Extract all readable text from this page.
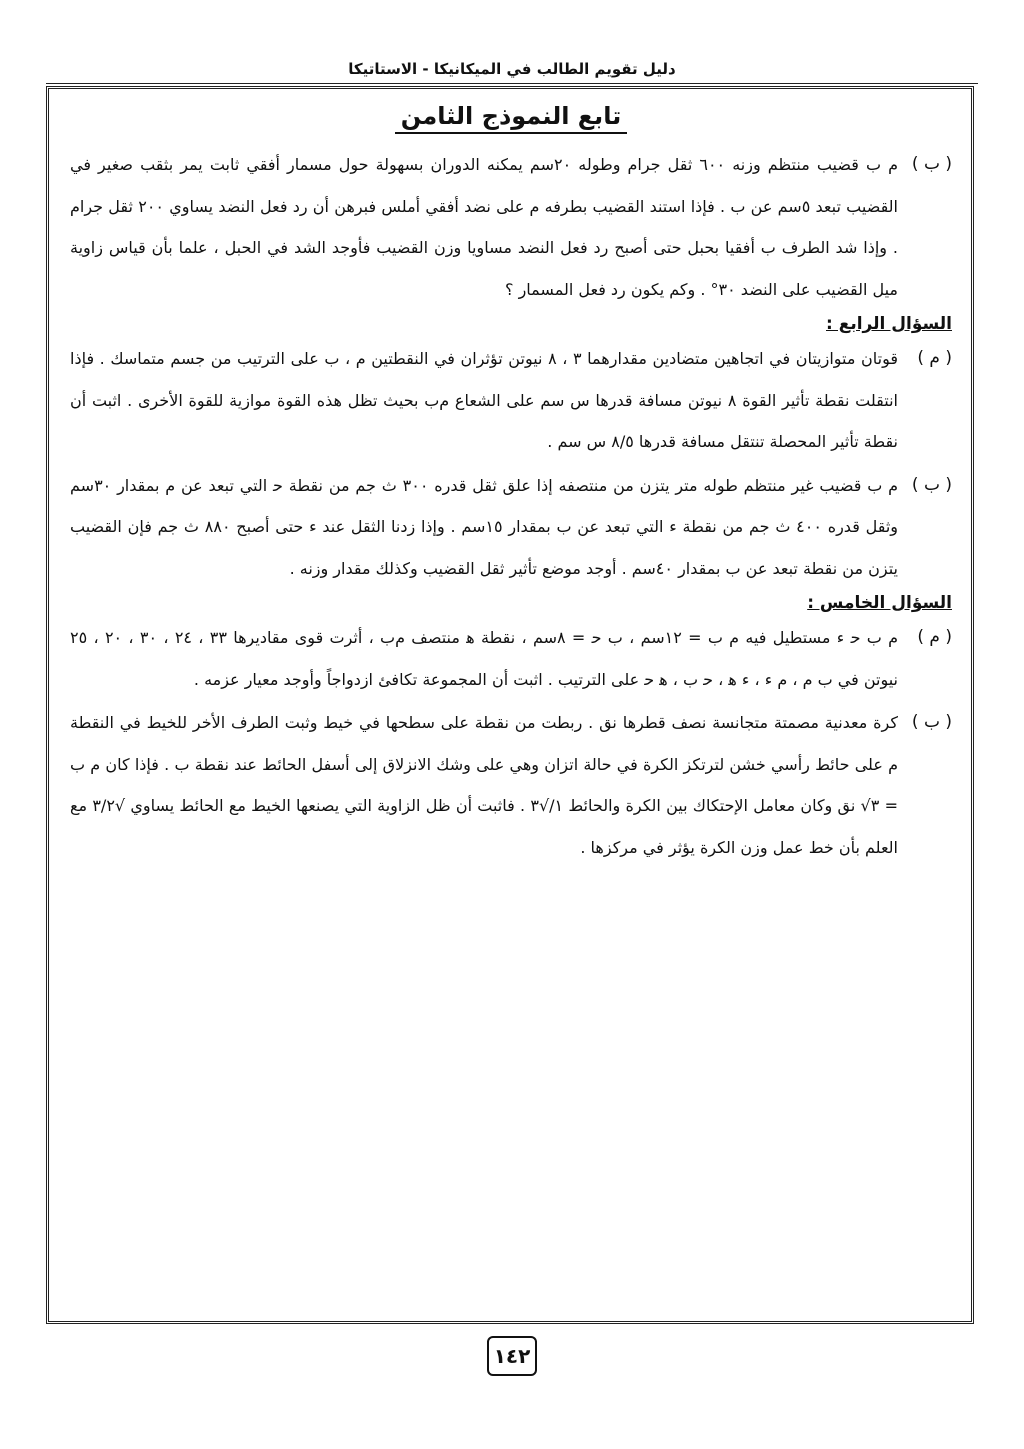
دليل تقويم الطالب في الميكانيكا - الاستاتيكا
تابع النموذج الثامن
( ب )
ﻡ ب قضيب منتظم وزنه ٦٠٠ ثقل جرام وطوله ٢٠سم يمكنه الدوران بسهولة حول مسمار أفقي ثابت يمر بثقب صغير في القضيب تبعد ٥سم عن ب . فإذا استند القضيب بطرفه ﻡ على نضد أفقي أملس فبرهن أن رد فعل النضد يساوي ٢٠٠ ثقل جرام . وإذا شد الطرف ب أفقيا بحبل حتى أصبح رد فعل النضد مساويا وزن القضيب فأوجد الشد في الحبل ، علما بأن قياس زاوية ميل القضيب على النضد ٣٠° . وكم يكون رد فعل المسمار ؟
السؤال الرابع :
( ﻡ )
قوتان متوازيتان في اتجاهين متضادين مقدارهما ٣ ، ٨ نيوتن تؤثران في النقطتين ﻡ ، ب على الترتيب من جسم متماسك . فإذا انتقلت نقطة تأثير القوة ٨ نيوتن مسافة قدرها س سم على الشعاع ﻡب بحيث تظل هذه القوة موازية للقوة الأخرى . اثبت أن نقطة تأثير المحصلة تنتقل مسافة قدرها ٨/٥ س سم .
( ب )
ﻡ ب قضيب غير منتظم طوله متر يتزن من منتصفه إذا علق ثقل قدره ٣٠٠ ث جم من نقطة ﺣ التي تبعد عن ﻡ بمقدار ٣٠سم وثقل قدره ٤٠٠ ث جم من نقطة ء التي تبعد عن ب بمقدار ١٥سم . وإذا زدنا الثقل عند ء حتى أصبح ٨٨٠ ث جم فإن القضيب يتزن من نقطة تبعد عن ب بمقدار ٤٠سم . أوجد موضع تأثير ثقل القضيب وكذلك مقدار وزنه .
السؤال الخامس :
( ﻡ )
ﻡ ب ﺣ ء مستطيل فيه ﻡ ب = ١٢سم ، ب ﺣ = ٨سم ، نقطة ﻫ منتصف ﻡب ، أثرت قوى مقاديرها ٣٣ ، ٢٤ ، ٣٠ ، ٢٠ ، ٢٥ نيوتن في ب ﻡ ، ﻡ ء ، ء ﻫ ، ﺣ ب ، ﻫ ﺣ على الترتيب . اثبت أن المجموعة تكافئ ازدواجاً وأوجد معيار عزمه .
( ب )
كرة معدنية مصمتة متجانسة نصف قطرها نق . ربطت من نقطة على سطحها في خيط وثبت الطرف الأخر للخيط في النقطة ﻡ على حائط رأسي خشن لترتكز الكرة في حالة اتزان وهي على وشك الانزلاق إلى أسفل الحائط عند نقطة ب . فإذا كان ﻡ ب = ٣√ نق وكان معامل الإحتكاك بين الكرة والحائط ١/√٣ . فاثبت أن ظل الزاوية التي يصنعها الخيط مع الحائط يساوي √٣/٢ مع العلم بأن خط عمل وزن الكرة يؤثر في مركزها .
١٤٢
